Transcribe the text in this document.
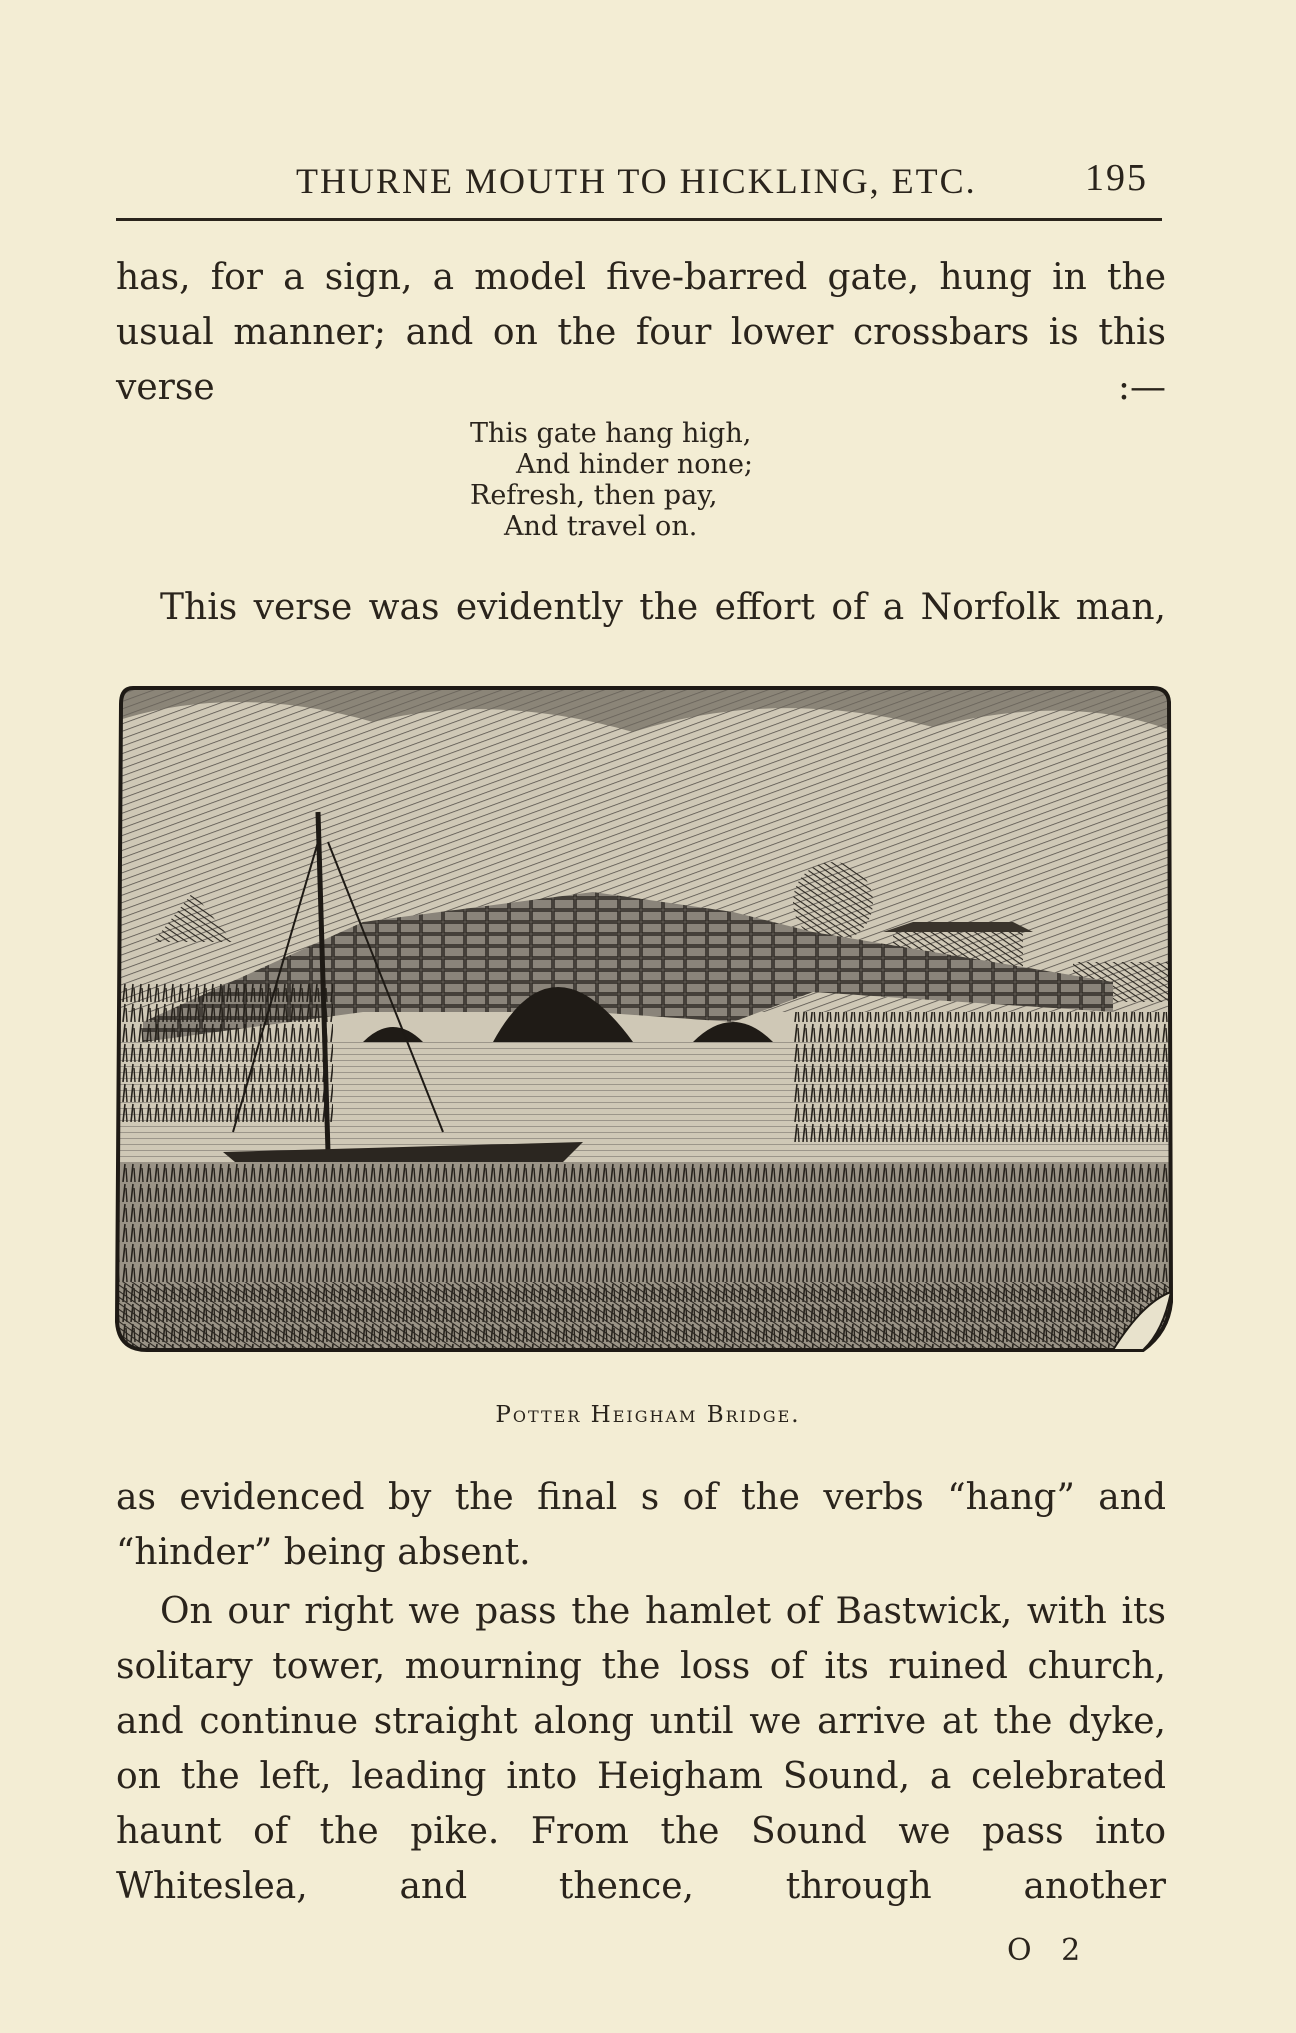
THURNE MOUTH TO HICKLING, ETC.	195

has, for a sign, a model five-barred gate, hung in the usual manner; and on the four lower crossbars is this verse :—

This gate hang high,
And hinder none;
Refresh, then pay,
And travel on.

This verse was evidently the effort of a Norfolk man,

Potter Heigham Bridge.

as evidenced by the final s of the verbs “hang” and “hinder” being absent.

On our right we pass the hamlet of Bastwick, with its solitary tower, mourning the loss of its ruined church, and continue straight along until we arrive at the dyke, on the left, leading into Heigham Sound, a celebrated haunt of the pike. From the Sound we pass into Whiteslea, and thence, through another

O 2
